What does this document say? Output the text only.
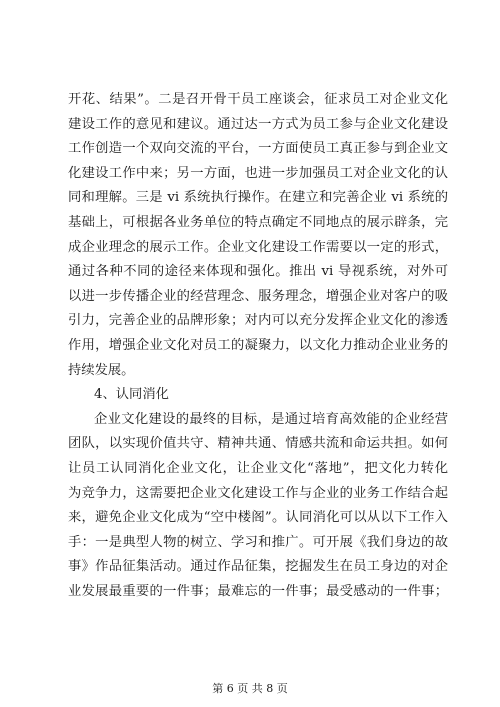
开花、结果”。二是召开骨干员工座谈会，征求员工对企业文化
建设工作的意见和建议。通过达一方式为员工参与企业文化建设
工作创造一个双向交流的平台，一方面使员工真正参与到企业文
化建设工作中来；另一方面，也进一步加强员工对企业文化的认
同和理解。三是 vi 系统执行操作。在建立和完善企业 vi 系统的
基础上，可根据各业务单位的特点确定不同地点的展示辟条，完
成企业理念的展示工作。企业文化建设工作需要以一定的形式，
通过各种不同的途径来体现和强化。推出 vi 导视系统，对外可
以进一步传播企业的经营理念、服务理念，增强企业对客户的吸
引力，完善企业的品牌形象；对内可以充分发挥企业文化的渗透
作用，增强企业文化对员工的凝聚力，以文化力推动企业业务的
持续发展。
4、认同消化
企业文化建设的最终的目标，是通过培育高效能的企业经营
团队，以实现价值共守、精神共通、情感共流和命运共担。如何
让员工认同消化企业文化，让企业文化“落地”，把文化力转化
为竞争力，这需要把企业文化建设工作与企业的业务工作结合起
来，避免企业文化成为“空中楼阁”。认同消化可以从以下工作入
手：一是典型人物的树立、学习和推广。可开展《我们身边的故
事》作品征集活动。通过作品征集，挖掘发生在员工身边的对企
业发展最重要的一件事；最难忘的一件事；最受感动的一件事；
第 6 页 共 8 页
